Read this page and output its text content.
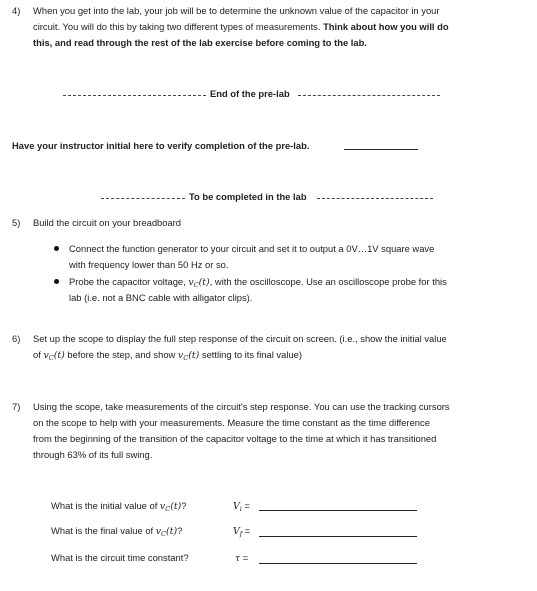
4) When you get into the lab, your job will be to determine the unknown value of the capacitor in your
circuit. You will do this by taking two different types of measurements. Think about how you will do
this, and read through the rest of the lab exercise before coming to the lab.
End of the pre-lab
Have your instructor initial here to verify completion of the pre-lab.
To be completed in the lab
5) Build the circuit on your breadboard
Connect the function generator to your circuit and set it to output a 0V…1V square wave
with frequency lower than 50 Hz or so.
Probe the capacitor voltage, $v_C(t)$, with the oscilloscope. Use an oscilloscope probe for this
lab (i.e. not a BNC cable with alligator clips).
6) Set up the scope to display the full step response of the circuit on screen. (i.e., show the initial value
of $v_C(t)$ before the step, and show $v_C(t)$ settling to its final value)
7) Using the scope, take measurements of the circuit's step response. You can use the tracking cursors
on the scope to help with your measurements. Measure the time constant as the time difference
from the beginning of the transition of the capacitor voltage to the time at which it has transitioned
through 63% of its full swing.
What is the initial value of $v_C(t)$?	$V_i$ =
What is the final value of $v_C(t)$?	$V_f$ =
What is the circuit time constant?	τ =
